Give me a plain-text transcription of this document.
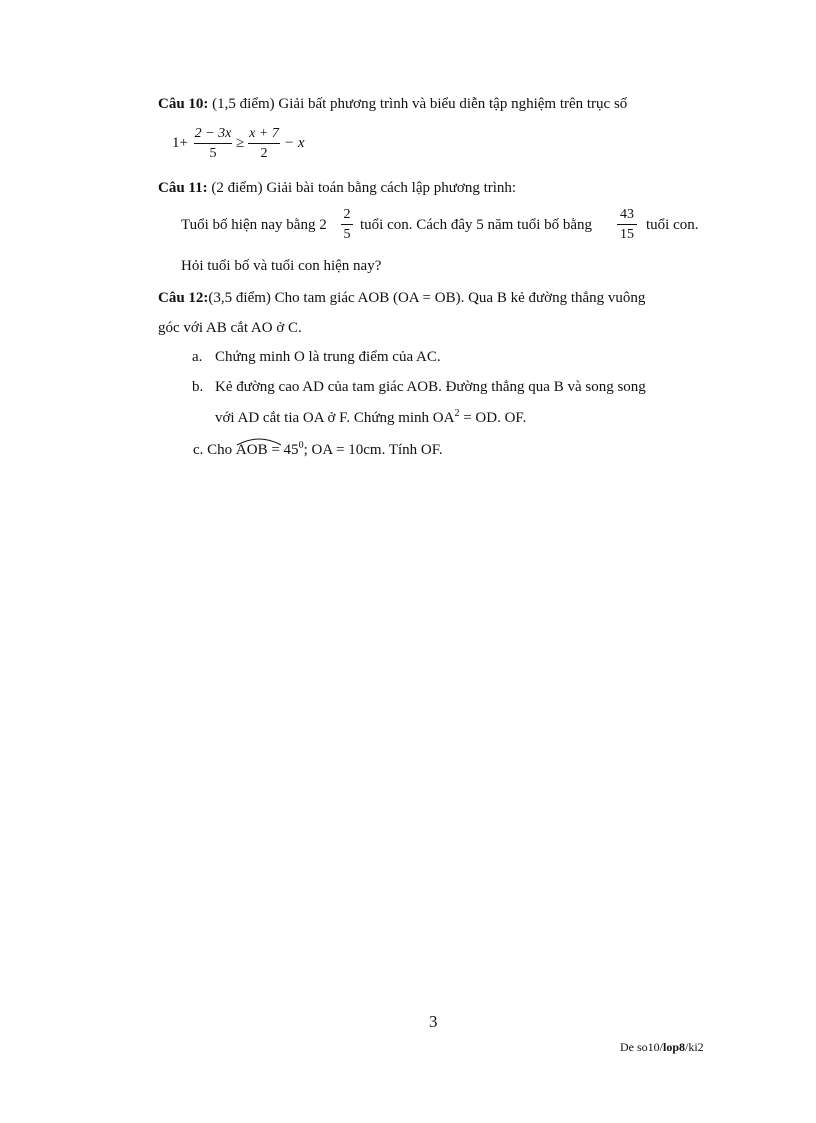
Câu 10: (1,5 điểm) Giải bất phương trình và biểu diễn tập nghiệm trên trục số
1+
2 − 3x
5
≥
x + 7
2
− x
Câu 11: (2 điểm) Giải bài toán bằng cách lập phương trình:
Tuổi bố hiện nay bằng 2
2
5
tuổi con. Cách đây 5 năm tuổi bố bằng
43
15
tuổi con.
Hỏi tuổi bố và tuổi con hiện nay?
Câu 12:(3,5 điểm) Cho tam giác AOB (OA = OB). Qua B kẻ đường thẳng vuông
góc với AB cắt AO ở C.
a. Chứng minh O là trung điểm của AC.
b. Kẻ đường cao AD của tam giác AOB. Đường thẳng qua B và song song
với AD cắt tia OA ở F. Chứng minh $OA^2$ = OD. OF.
c. Cho
AOB = $45^0$; OA = 10cm. Tính OF.
3
De so10/lop8/ki2
